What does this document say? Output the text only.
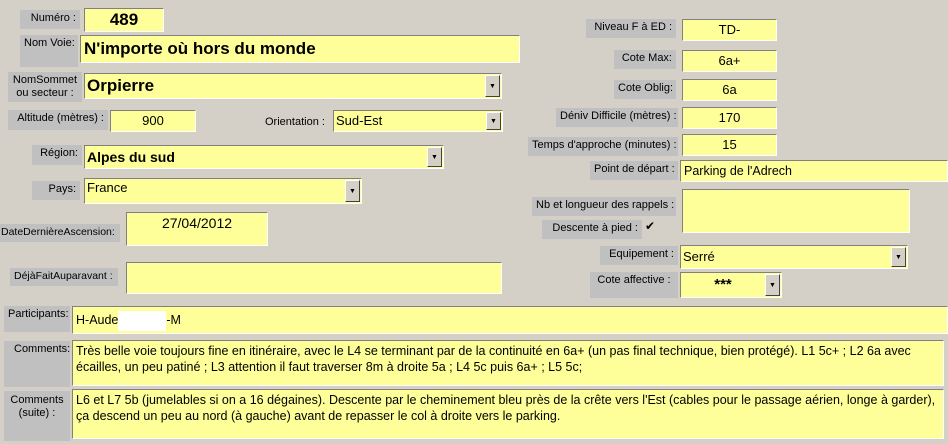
Numéro :	489
Nom Voie: N'importe où hors du monde
NomSommet
ou secteur : Orpierre	▼
Altitude (mètres) :	900	Orientation : Sud-Est	▼
Région: Alpes du sud	▼
Pays: France	▼
DateDernièreAscension:
27/04/2012
DéjàFaitAuparavant :
Niveau F à ED :	TD-
Cote Max:	6a+
Cote Oblig:	6a
Déniv Difficile (mètres) :	170
Temps d'approche (minutes) :	15
Point de départ : Parking de l'Adrech
Nb et longueur des rappels :
Descente à pied : ✔
Equipement : Serré	▼
Cote affective :	***	▼
Participants: H-Aude	-M
Comments: Très belle voie toujours fine en itinéraire, avec le L4 se terminant par de la continuité en 6a+ (un pas final technique, bien protégé). L1 5c+ ; L2 6a avec écailles, un peu patiné ; L3 attention il faut traverser 8m à droite 5a ; L4 5c puis 6a+ ; L5 5c;
Comments
(suite) :
L6 et L7 5b (jumelables si on a 16 dégaines). Descente par le cheminement bleu près de la crête vers l'Est (cables pour le passage aérien, longe à garder), ça descend un peu au nord (à gauche) avant de repasser le col à droite vers le parking.
